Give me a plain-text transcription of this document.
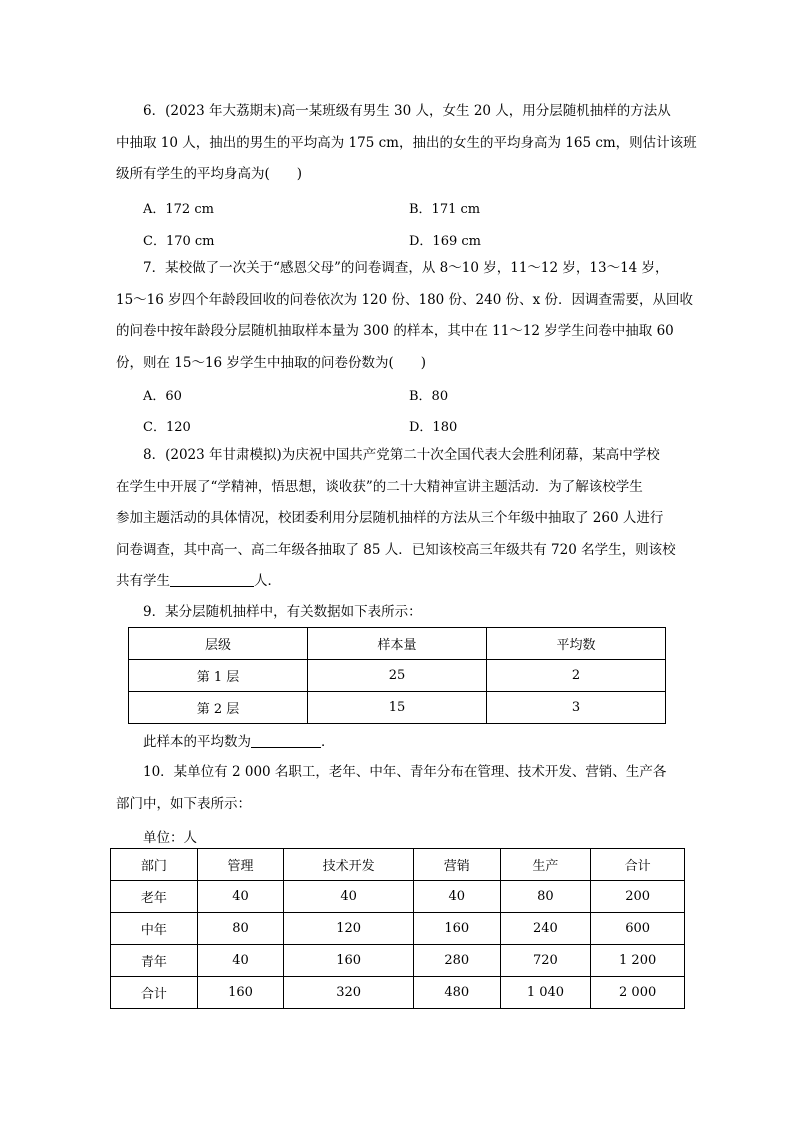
6．(2023 年大荔期末)高一某班级有男生 30 人，女生 20 人，用分层随机抽样的方法从
中抽取 10 人，抽出的男生的平均高为 175 cm，抽出的女生的平均身高为 165 cm，则估计该班
级所有学生的平均身高为(　　)
A．172 cm	B．171 cm
C．170 cm	D．169 cm
7．某校做了一次关于“感恩父母”的问卷调查，从 8～10 岁，11～12 岁，13～14 岁，
15～16 岁四个年龄段回收的问卷依次为 120 份、180 份、240 份、x 份．因调查需要，从回收
的问卷中按年龄段分层随机抽取样本量为 300 的样本，其中在 11～12 岁学生问卷中抽取 60
份，则在 15～16 岁学生中抽取的问卷份数为(　　)
A．60	B．80
C．120	D．180
8．(2023 年甘肃模拟)为庆祝中国共产党第二十次全国代表大会胜利闭幕，某高中学校
在学生中开展了“学精神，悟思想，谈收获”的二十大精神宣讲主题活动．为了解该校学生
参加主题活动的具体情况，校团委利用分层随机抽样的方法从三个年级中抽取了 260 人进行
问卷调查，其中高一、高二年级各抽取了 85 人．已知该校高三年级共有 720 名学生，则该校
共有学生	人．
9．某分层随机抽样中，有关数据如下表所示：
层级	样本量	平均数
第 1 层	25	2
第 2 层	15	3
此样本的平均数为	．
10．某单位有 2 000 名职工，老年、中年、青年分布在管理、技术开发、营销、生产各
部门中，如下表所示：
单位：人
部门	管理	技术开发	营销	生产	合计
老年	40	40	40	80	200
中年	80	120	160	240	600
青年	40	160	280	720	1 200
合计	160	320	480	1 040	2 000
